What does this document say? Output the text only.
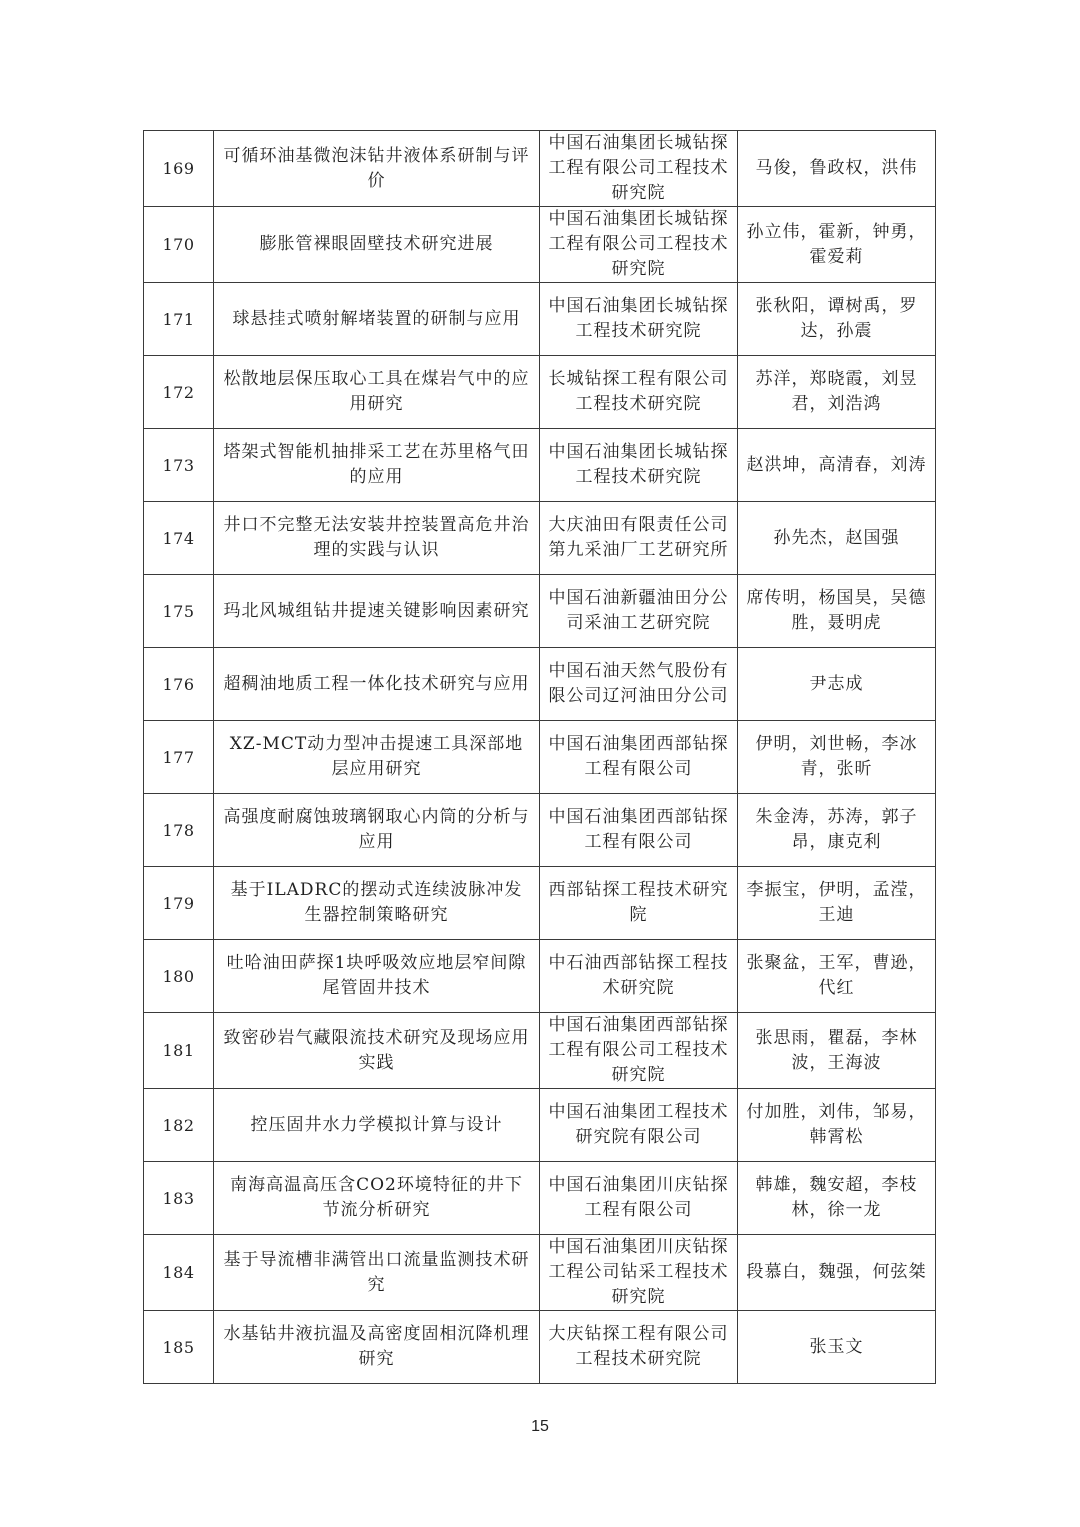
169	可循环油基微泡沫钻井液体系研制与评价	中国石油集团长城钻探工程有限公司工程技术研究院	马俊，鲁政权，洪伟
170	膨胀管裸眼固壁技术研究进展	中国石油集团长城钻探工程有限公司工程技术研究院	孙立伟，霍新，钟勇，霍爱莉
171	球悬挂式喷射解堵装置的研制与应用	中国石油集团长城钻探工程技术研究院	张秋阳，谭树禹，罗达，孙震
172	松散地层保压取心工具在煤岩气中的应用研究	长城钻探工程有限公司工程技术研究院	苏洋，郑晓霞，刘昱君，刘浩鸿
173	塔架式智能机抽排采工艺在苏里格气田的应用	中国石油集团长城钻探工程技术研究院	赵洪坤，高清春，刘涛
174	井口不完整无法安装井控装置高危井治理的实践与认识	大庆油田有限责任公司第九采油厂工艺研究所	孙先杰，赵国强
175	玛北风城组钻井提速关键影响因素研究	中国石油新疆油田分公司采油工艺研究院	席传明，杨国昊，吴德胜，聂明虎
176	超稠油地质工程一体化技术研究与应用	中国石油天然气股份有限公司辽河油田分公司	尹志成
177	XZ-MCT动力型冲击提速工具深部地层应用研究	中国石油集团西部钻探工程有限公司	伊明，刘世畅，李冰青，张昕
178	高强度耐腐蚀玻璃钢取心内筒的分析与应用	中国石油集团西部钻探工程有限公司	朱金涛，苏涛，郭子昂，康克利
179	基于ILADRC的摆动式连续波脉冲发生器控制策略研究	西部钻探工程技术研究院	李振宝，伊明，孟滢，王迪
180	吐哈油田萨探1块呼吸效应地层窄间隙尾管固井技术	中石油西部钻探工程技术研究院	张聚盆，王军，曹逊，代红
181	致密砂岩气藏限流技术研究及现场应用实践	中国石油集团西部钻探工程有限公司工程技术研究院	张思雨，瞿磊，李林波，王海波
182	控压固井水力学模拟计算与设计	中国石油集团工程技术研究院有限公司	付加胜，刘伟，邹易，韩霄松
183	南海高温高压含CO2环境特征的井下节流分析研究	中国石油集团川庆钻探工程有限公司	韩雄，魏安超，李枝林，徐一龙
184	基于导流槽非满管出口流量监测技术研究	中国石油集团川庆钻探工程公司钻采工程技术研究院	段慕白，魏强，何弦桀
185	水基钻井液抗温及高密度固相沉降机理研究	大庆钻探工程有限公司工程技术研究院	张玉文
15
